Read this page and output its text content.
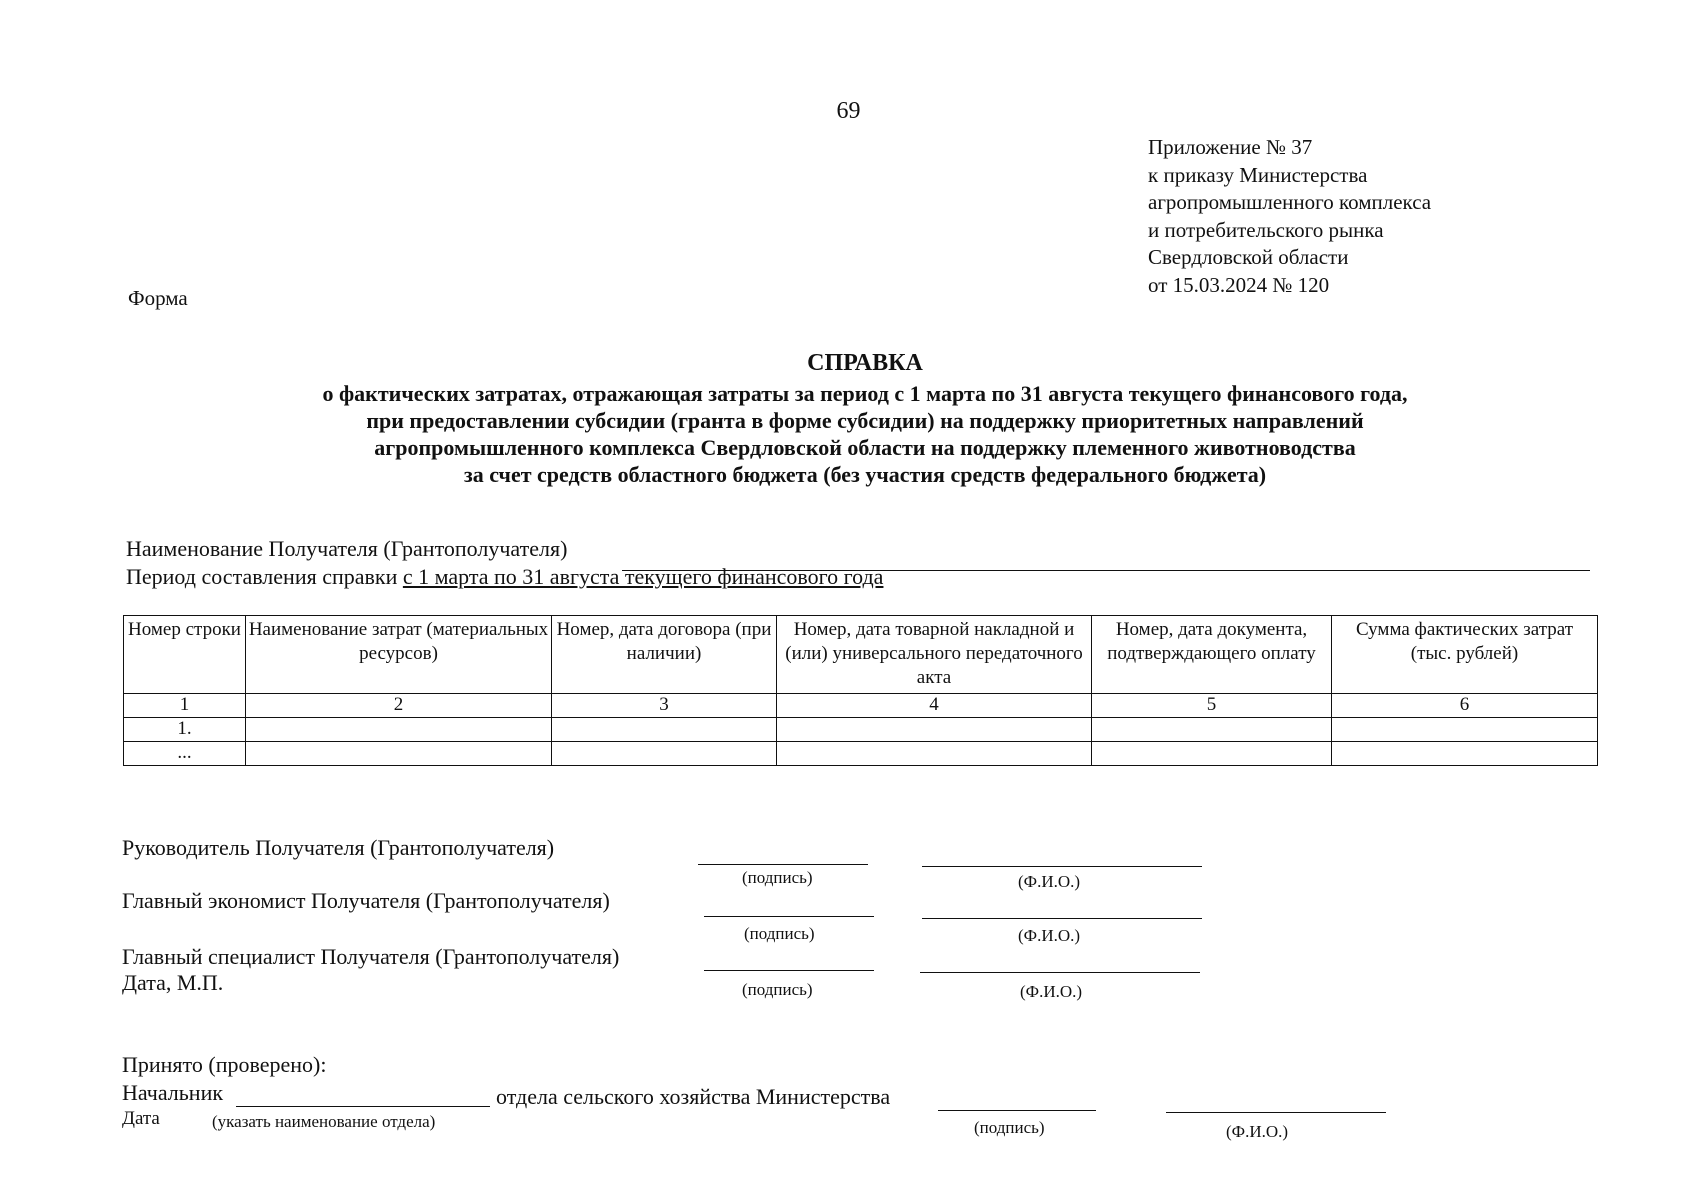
69
Приложение № 37
к приказу Министерства
агропромышленного комплекса
и потребительского рынка
Свердловской области
от 15.03.2024 № 120
Форма
СПРАВКА
о фактических затратах, отражающая затраты за период с 1 марта по 31 августа текущего финансового года,
при предоставлении субсидии (гранта в форме субсидии) на поддержку приоритетных направлений
агропромышленного комплекса Свердловской области на поддержку племенного животноводства
за счет средств областного бюджета (без участия средств федерального бюджета)
Наименование Получателя (Грантополучателя)
Период составления справки с 1 марта по 31 августа текущего финансового года
Номер строки	Наименование затрат (материальных ресурсов)	Номер, дата договора (при наличии)	Номер, дата товарной накладной и (или) универсального передаточного акта	Номер, дата документа, подтверждающего оплату	Сумма фактических затрат (тыс. рублей)
1	2	3	4	5	6
1.					
...					
Руководитель Получателя (Грантополучателя)
(подпись)	(Ф.И.О.)
Главный экономист Получателя (Грантополучателя)
(подпись)	(Ф.И.О.)
Главный специалист Получателя (Грантополучателя)
Дата, М.П.	(подпись)	(Ф.И.О.)
Принято (проверено):
Начальник	отдела сельского хозяйства Министерства
Дата	(указать наименование отдела)	(подпись)	(Ф.И.О.)
